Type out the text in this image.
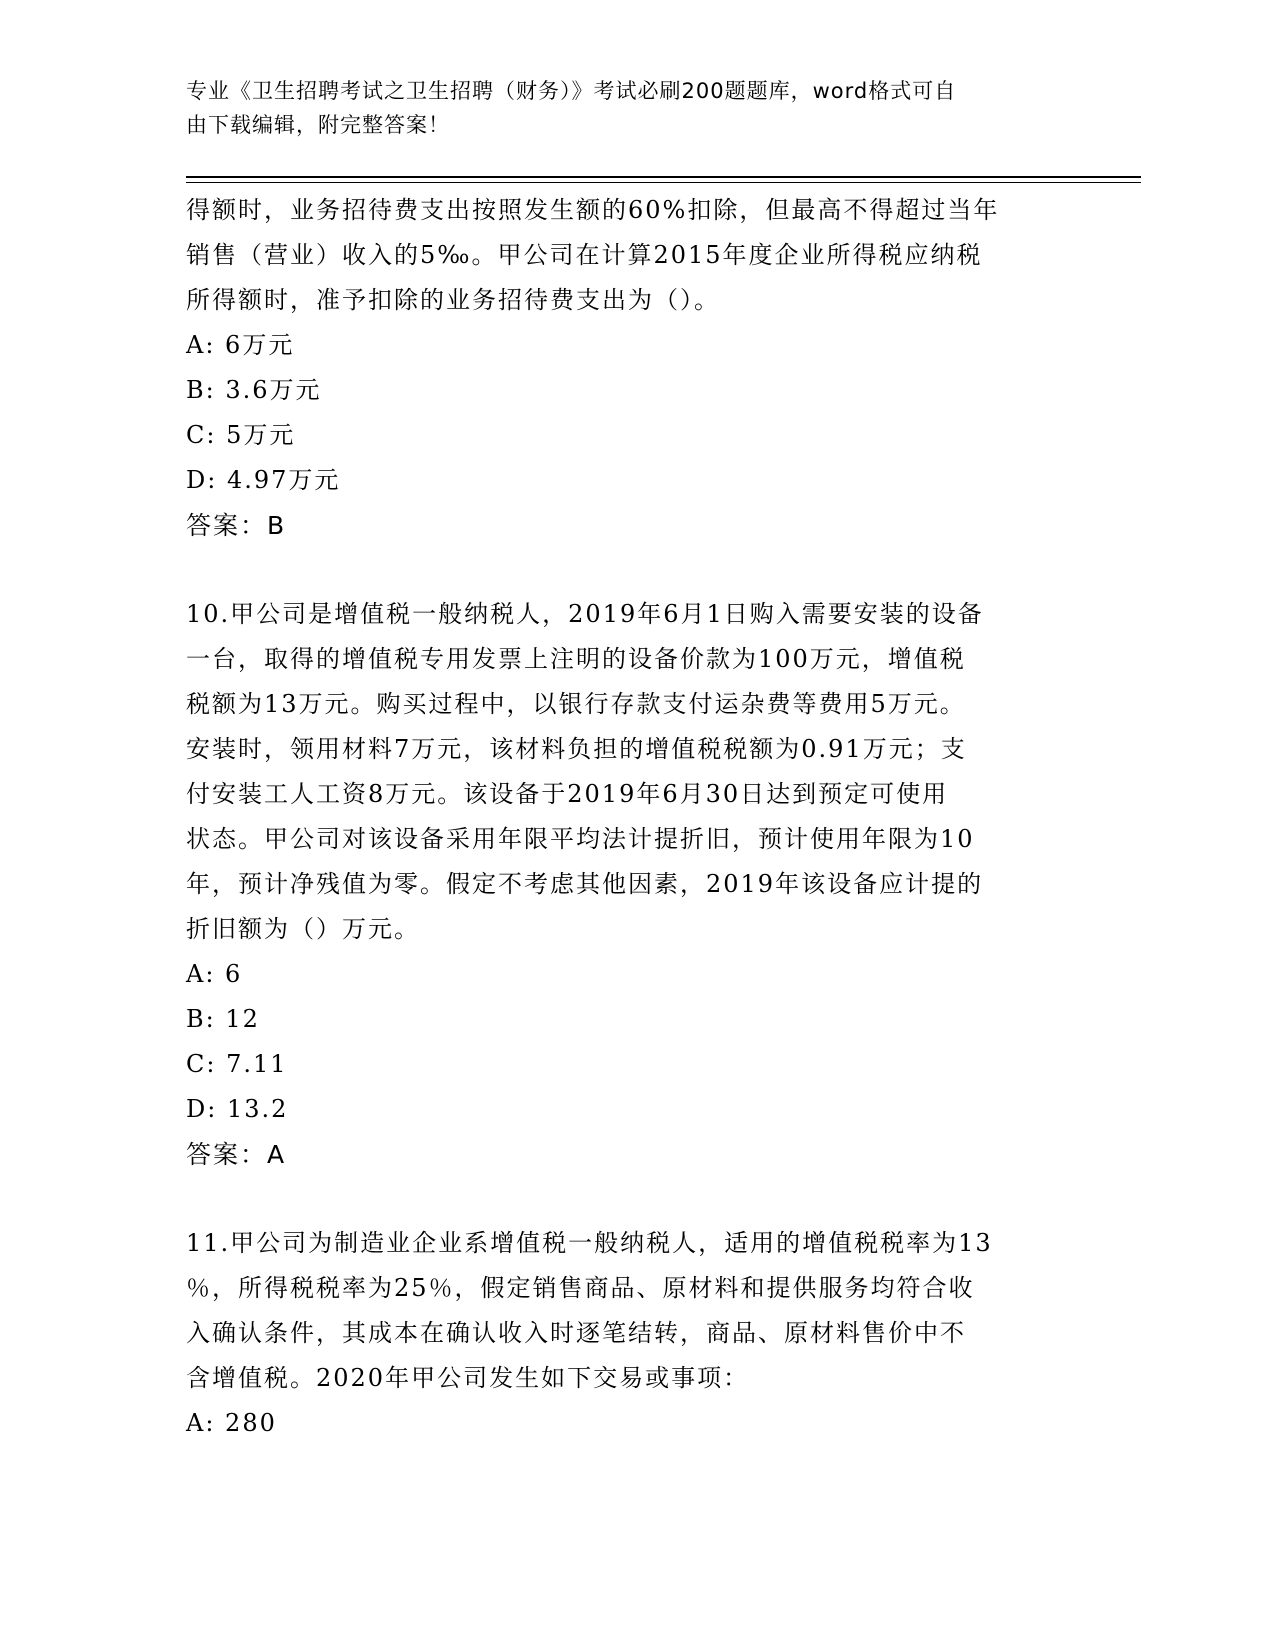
专业《卫生招聘考试之卫生招聘（财务）》考试必刷200题题库，word格式可自
由下载编辑，附完整答案！

得额时，业务招待费支出按照发生额的60%扣除，但最高不得超过当年

销售（营业）收入的5‰。甲公司在计算2015年度企业所得税应纳税

所得额时，准予扣除的业务招待费支出为（）。

A: 6万元

B: 3.6万元

C: 5万元

D: 4.97万元

答案：B

10.甲公司是增值税一般纳税人，2019年6月1日购入需要安装的设备

一台，取得的增值税专用发票上注明的设备价款为100万元，增值税

税额为13万元。购买过程中，以银行存款支付运杂费等费用5万元。

安装时，领用材料7万元，该材料负担的增值税税额为0.91万元；支

付安装工人工资8万元。该设备于2019年6月30日达到预定可使用

状态。甲公司对该设备采用年限平均法计提折旧，预计使用年限为10

年，预计净残值为零。假定不考虑其他因素，2019年该设备应计提的

折旧额为（）万元。

A: 6

B: 12

C: 7.11

D: 13.2

答案：A

11.甲公司为制造业企业系增值税一般纳税人，适用的增值税税率为13

％，所得税税率为25％，假定销售商品、原材料和提供服务均符合收

入确认条件，其成本在确认收入时逐笔结转，商品、原材料售价中不

含增值税。2020年甲公司发生如下交易或事项：

A: 280
